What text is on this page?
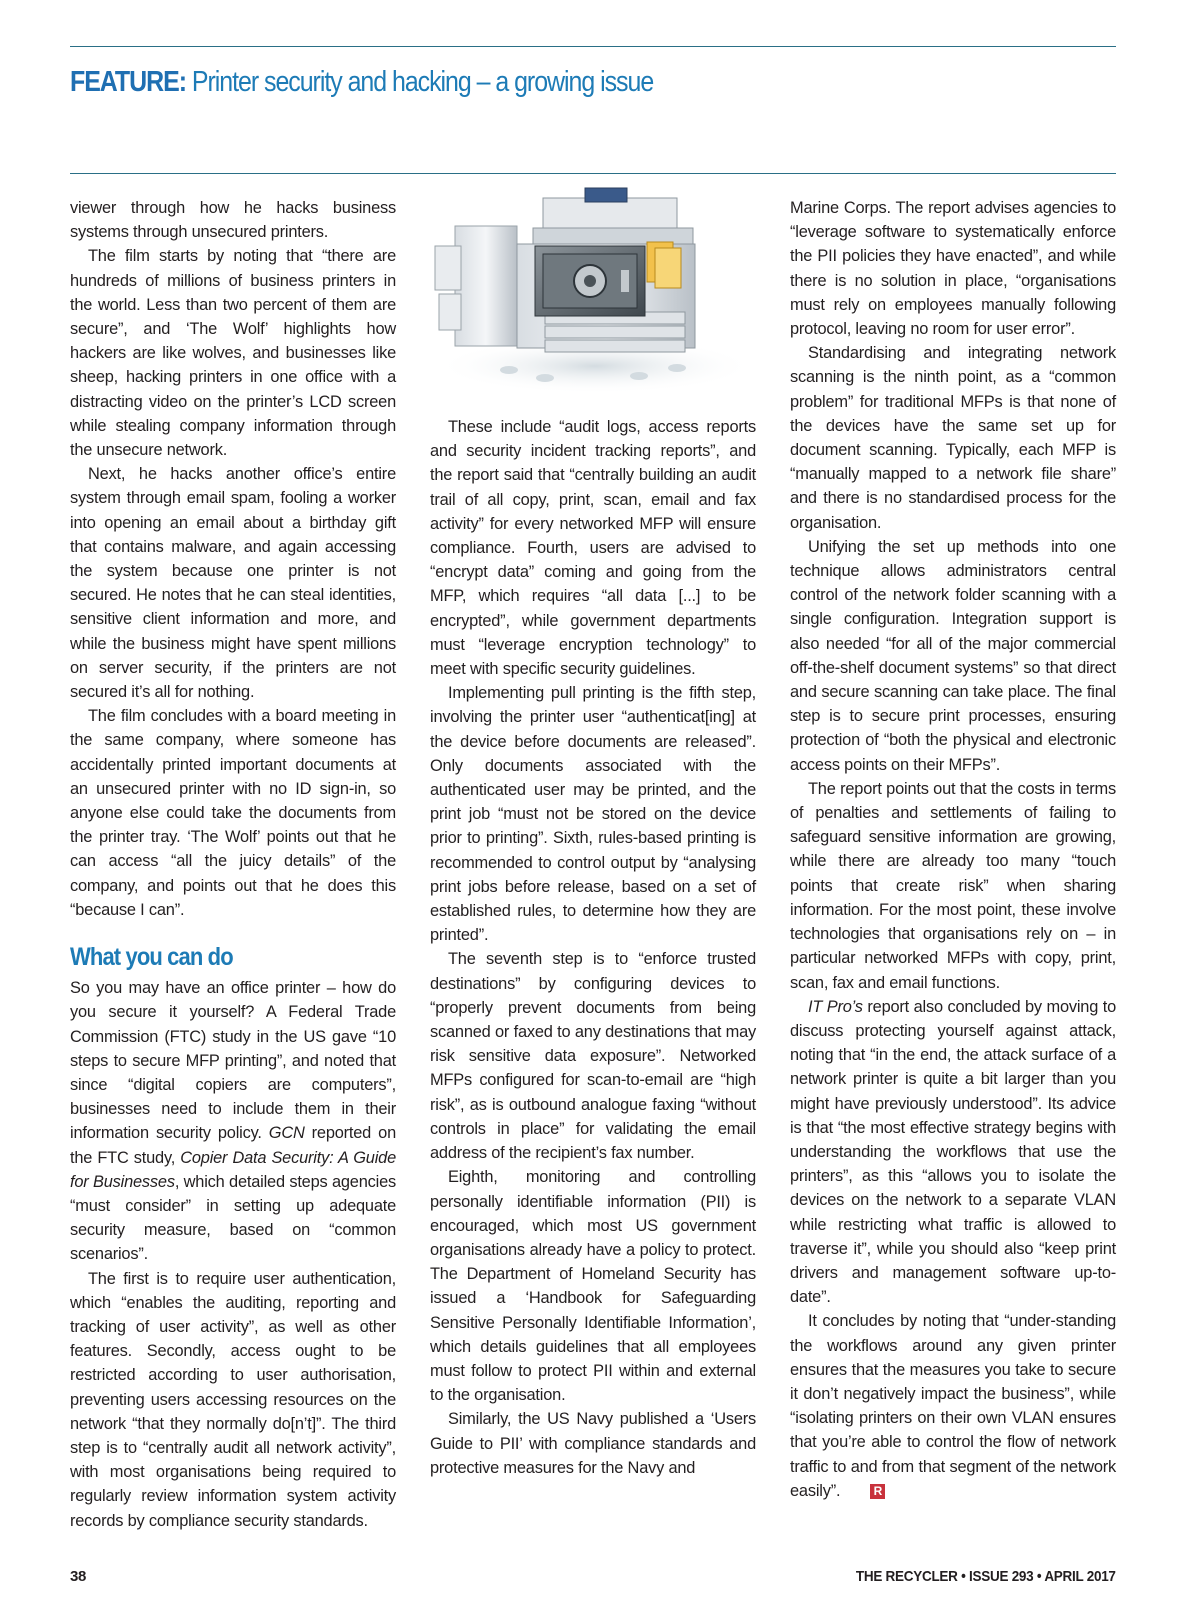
FEATURE: Printer security and hacking – a growing issue

viewer through how he hacks business systems through unsecured printers.

The film starts by noting that “there are hundreds of millions of business printers in the world. Less than two percent of them are secure”, and ‘The Wolf’ highlights how hackers are like wolves, and businesses like sheep, hacking printers in one office with a distracting video on the printer’s LCD screen while stealing company information through the unsecure network.

Next, he hacks another office’s entire system through email spam, fooling a worker into opening an email about a birthday gift that contains malware, and again accessing the system because one printer is not secured. He notes that he can steal identities, sensitive client information and more, and while the business might have spent millions on server security, if the printers are not secured it’s all for nothing.

The film concludes with a board meeting in the same company, where someone has accidentally printed important documents at an unsecured printer with no ID sign-in, so anyone else could take the documents from the printer tray. ‘The Wolf’ points out that he can access “all the juicy details” of the company, and points out that he does this “because I can”.

What you can do

So you may have an office printer – how do you secure it yourself? A Federal Trade Commission (FTC) study in the US gave “10 steps to secure MFP printing”, and noted that since “digital copiers are computers”, businesses need to include them in their information security policy. GCN reported on the FTC study, Copier Data Security: A Guide for Businesses, which detailed steps agencies “must consider” in setting up adequate security measure, based on “common scenarios”.

The first is to require user authentication, which “enables the auditing, reporting and tracking of user activity”, as well as other features. Secondly, access ought to be restricted according to user authorisation, preventing users accessing resources on the network “that they normally do[n’t]”. The third step is to “centrally audit all network activity”, with most organisations being required to regularly review information system activity records by compliance security standards.

These include “audit logs, access reports and security incident tracking reports”, and the report said that “centrally building an audit trail of all copy, print, scan, email and fax activity” for every networked MFP will ensure compliance. Fourth, users are advised to “encrypt data” coming and going from the MFP, which requires “all data [...] to be encrypted”, while government departments must “leverage encryption technology” to meet with specific security guidelines.

Implementing pull printing is the fifth step, involving the printer user “authenticat[ing] at the device before documents are released”. Only documents associated with the authenticated user may be printed, and the print job “must not be stored on the device prior to printing”. Sixth, rules-based printing is recommended to control output by “analysing print jobs before release, based on a set of established rules, to determine how they are printed”.

The seventh step is to “enforce trusted destinations” by configuring devices to “properly prevent documents from being scanned or faxed to any destinations that may risk sensitive data exposure”. Networked MFPs configured for scan-to-email are “high risk”, as is outbound analogue faxing “without controls in place” for validating the email address of the recipient’s fax number.

Eighth, monitoring and controlling personally identifiable information (PII) is encouraged, which most US government organisations already have a policy to protect. The Department of Homeland Security has issued a ‘Handbook for Safeguarding Sensitive Personally Identifiable Information’, which details guidelines that all employees must follow to protect PII within and external to the organisation.

Similarly, the US Navy published a ‘Users Guide to PII’ with compliance standards and protective measures for the Navy and

Marine Corps. The report advises agencies to “leverage software to systematically enforce the PII policies they have enacted”, and while there is no solution in place, “organisations must rely on employees manually following protocol, leaving no room for user error”.

Standardising and integrating network scanning is the ninth point, as a “common problem” for traditional MFPs is that none of the devices have the same set up for document scanning. Typically, each MFP is “manually mapped to a network file share” and there is no standardised process for the organisation.

Unifying the set up methods into one technique allows administrators central control of the network folder scanning with a single configuration. Integration support is also needed “for all of the major commercial off-the-shelf document systems” so that direct and secure scanning can take place. The final step is to secure print processes, ensuring protection of “both the physical and electronic access points on their MFPs”.

The report points out that the costs in terms of penalties and settlements of failing to safeguard sensitive information are growing, while there are already too many “touch points that create risk” when sharing information. For the most point, these involve technologies that organisations rely on – in particular networked MFPs with copy, print, scan, fax and email functions.

IT Pro’s report also concluded by moving to discuss protecting yourself against attack, noting that “in the end, the attack surface of a network printer is quite a bit larger than you might have previously understood”. Its advice is that “the most effective strategy begins with understanding the workflows that use the printers”, as this “allows you to isolate the devices on the network to a separate VLAN while restricting what traffic is allowed to traverse it”, while you should also “keep print drivers and management software up-to-date”.

It concludes by noting that “under-standing the workflows around any given printer ensures that the measures you take to secure it don’t negatively impact the business”, while “isolating printers on their own VLAN ensures that you’re able to control the flow of network traffic to and from that segment of the network easily”.	R

38	THE RECYCLER • ISSUE 293 • APRIL 2017
